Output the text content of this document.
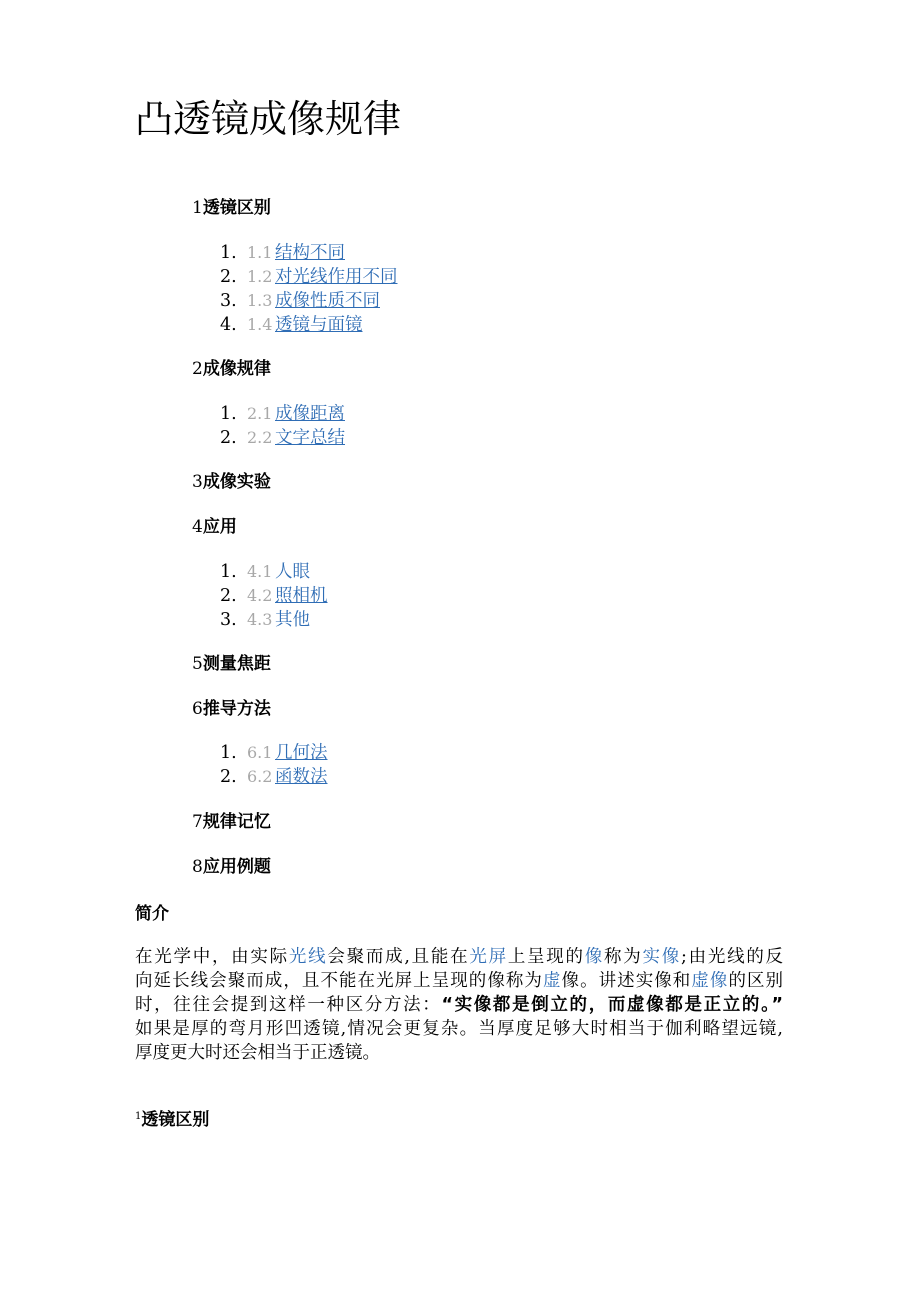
凸透镜成像规律
1透镜区别
1. 1.1 结构不同
2. 1.2 对光线作用不同
3. 1.3 成像性质不同
4. 1.4 透镜与面镜
2成像规律
1. 2.1 成像距离
2. 2.2 文字总结
3成像实验
4应用
1. 4.1 人眼
2. 4.2 照相机
3. 4.3 其他
5测量焦距
6推导方法
1. 6.1 几何法
2. 6.2 函数法
7规律记忆
8应用例题
简介
在光学中，由实际光线会聚而成,且能在光屏上呈现的像称为实像;由光线的反
向延长线会聚而成，且不能在光屏上呈现的像称为虚像。讲述实像和虚像的区别
时，往往会提到这样一种区分方法：“实像都是倒立的，而虚像都是正立的。”
如果是厚的弯月形凹透镜,情况会更复杂。当厚度足够大时相当于伽利略望远镜,
厚度更大时还会相当于正透镜。
$^1$透镜区别
